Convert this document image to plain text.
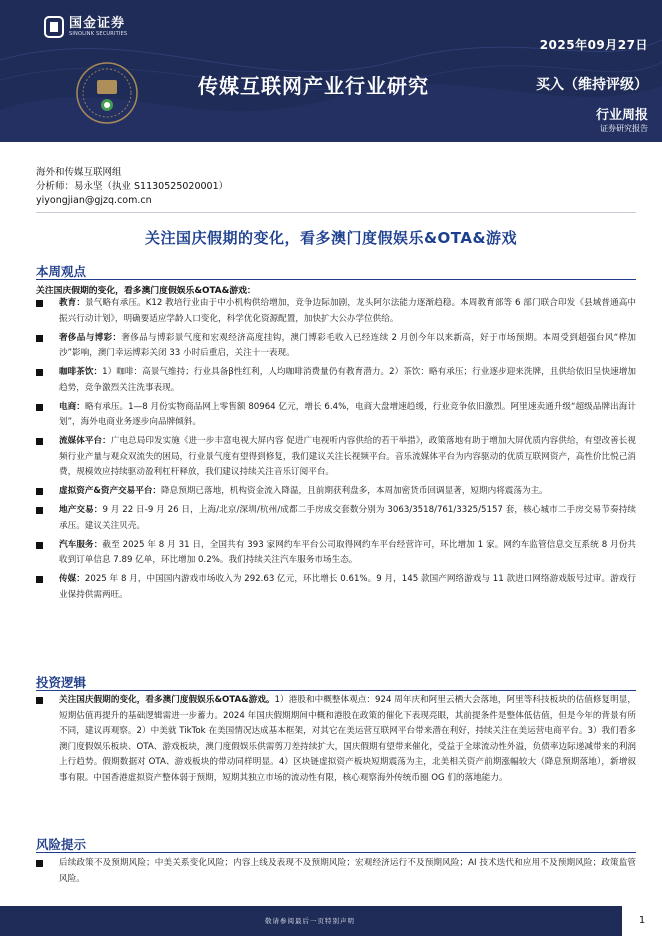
国金证券
SINOLINK SECURITIES
2025年09月27日
传媒互联网产业行业研究	买入（维持评级）
行业周报
证券研究报告
海外和传媒互联网组
分析师：易永坚（执业 S1130525020001）
yiyongjian@gjzq.com.cn
关注国庆假期的变化，看多澳门度假娱乐&OTA&游戏
本周观点
关注国庆假期的变化，看多澳门度假娱乐&OTA&游戏：
教育：景气略有承压。K12 教培行业由于中小机构供给增加，竞争边际加剧，龙头阿尔法能力逐渐趋稳。本周教育部等 6 部门联合印发《县域普通高中振兴行动计划》，明确要适应学龄人口变化，科学优化资源配置，加快扩大公办学位供给。
奢侈品与博彩：奢侈品与博彩景气度和宏观经济高度挂钩，澳门博彩毛收入已经连续 2 月创今年以来新高，好于市场预期。本周受到超强台风“桦加沙”影响，澳门幸运博彩关闭 33 小时后重启，关注十一表现。
咖啡茶饮：1）咖啡：高景气维持；行业具备β性红利，人均咖啡消费量仍有教育潜力。2）茶饮：略有承压；行业逐步迎来洗牌，且供给依旧呈快速增加趋势，竞争激烈关注洗事表现。
电商：略有承压。1—8 月份实物商品网上零售额 80964 亿元，增长 6.4%，电商大盘增速趋缓，行业竞争依旧激烈。阿里速卖通升级“超级品牌出海计划”，海外电商业务逐步向品牌倾斜。
流媒体平台：广电总局印发实施《进一步丰富电视大屏内容 促进广电视听内容供给的若干举措》，政策落地有助于增加大屏优质内容供给，有望改善长视频行业产量与观众双流失的困局，行业景气度有望得到修复，我们建议关注长视频平台。音乐流媒体平台为内容驱动的优质互联网资产，高性价比悦己消费，规模效应持续驱动盈利杠杆释放，我们建议持续关注音乐订阅平台。
虚拟资产&资产交易平台：降息预期已落地，机构资金流入降温，且前期获利盘多，本周加密货币回调显著，短期内将震荡为主。
地产交易：9 月 22 日-9 月 26 日，上海/北京/深圳/杭州/成都二手房成交套数分别为 3063/3518/761/3325/5157 套，核心城市二手房交易节奏持续承压。建议关注贝壳。
汽车服务：截至 2025 年 8 月 31 日，全国共有 393 家网约车平台公司取得网约车平台经营许可，环比增加 1 家。网约车监管信息交互系统 8 月份共收到订单信息 7.89 亿单，环比增加 0.2%。我们持续关注汽车服务市场生态。
传媒：2025 年 8 月，中国国内游戏市场收入为 292.63 亿元，环比增长 0.61%。9 月，145 款国产网络游戏与 11 款进口网络游戏版号过审。游戏行业保持供需两旺。
投资逻辑
关注国庆假期的变化，看多澳门度假娱乐&OTA&游戏。1）港股和中概整体观点：924 周年庆和阿里云栖大会落地，阿里等科技板块的估值修复明显，短期估值再提升的基础逻辑需进一步蓄力。2024 年国庆假期期间中概和港股在政策的催化下表现亮眼，其前提条件是整体低估值，但是今年的背景有所不同，建议再观察。2）中美就 TikTok 在美国情况达成基本框架，对其它在美运营互联网平台带来潜在利好，持续关注在美运营电商平台。3）我们看多澳门度假娱乐板块、OTA、游戏板块，澳门度假娱乐供需剪刀差持续扩大，国庆假期有望带来催化，受益于全球流动性外溢，负债率边际递减带来的利润上行趋势。假期数据对 OTA、游戏板块的带动同样明显。4）区块链虚拟资产板块短期震荡为主，北美相关资产前期涨幅较大（降息预期落地），新增叙事有限。中国香港虚拟资产整体弱于预期，短期其独立市场的流动性有限，核心观察海外传统币圈 OG 们的落地能力。
风险提示
后续政策不及预期风险；中美关系变化风险；内容上线及表现不及预期风险；宏观经济运行不及预期风险；AI 技术迭代和应用不及预期风险；政策监管风险。
敬请参阅最后一页特别声明	1
